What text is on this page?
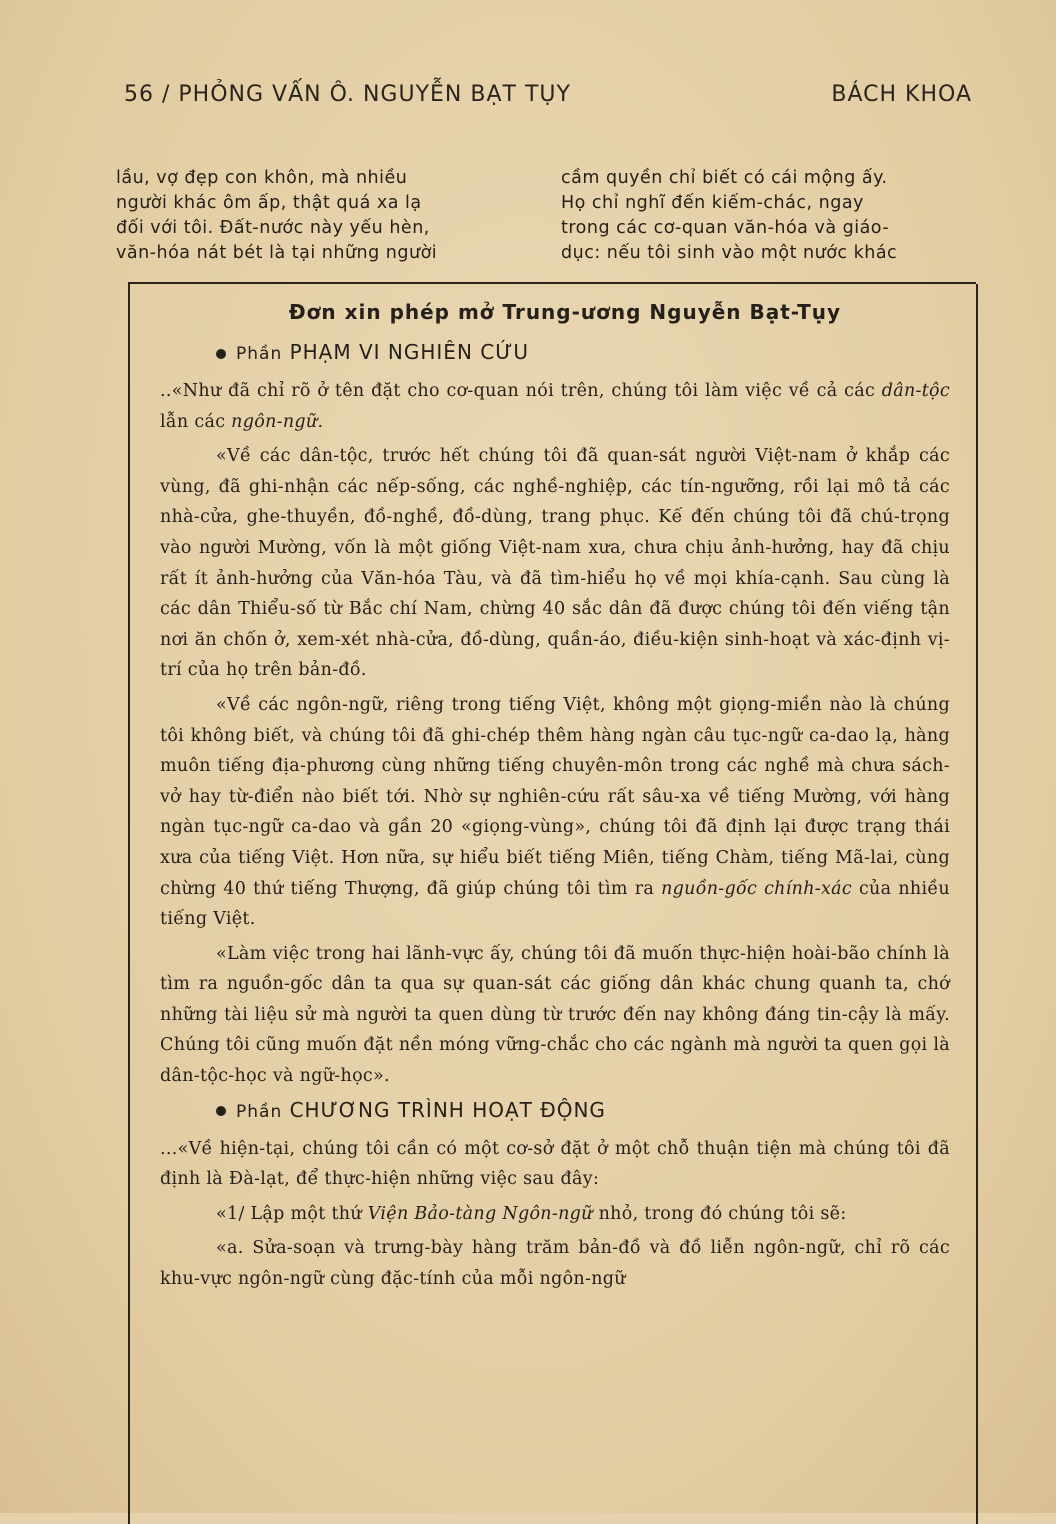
56 / PHỎNG VẤN Ô. NGUYỄN BẠT TỤY	BÁCH KHOA
lầu, vợ đẹp con khôn, mà nhiều
người khác ôm ấp, thật quá xa lạ
đối với tôi. Đất-nước này yếu hèn,
văn-hóa nát bét là tại những người
cầm quyền chỉ biết có cái mộng ấy.
Họ chỉ nghĩ đến kiếm-chác, ngay
trong các cơ-quan văn-hóa và giáo-
dục: nếu tôi sinh vào một nước khác
Đơn xin phép mở Trung-ương Nguyễn Bạt-Tụy
Phần PHẠM VI NGHIÊN CỨU

..«Như đã chỉ rõ ở tên đặt cho cơ-quan nói trên, chúng tôi làm việc về cả các dân-tộc lẫn các ngôn-ngữ.

«Về các dân-tộc, trước hết chúng tôi đã quan-sát người Việt-nam ở khắp các vùng, đã ghi-nhận các nếp-sống, các nghề-nghiệp, các tín-ngưỡng, rồi lại mô tả các nhà-cửa, ghe-thuyền, đồ-nghề, đồ-dùng, trang phục. Kế đến chúng tôi đã chú-trọng vào người Mường, vốn là một giống Việt-nam xưa, chưa chịu ảnh-hưởng, hay đã chịu rất ít ảnh-hưởng của Văn-hóa Tàu, và đã tìm-hiểu họ về mọi khía-cạnh. Sau cùng là các dân Thiểu-số từ Bắc chí Nam, chừng 40 sắc dân đã được chúng tôi đến viếng tận nơi ăn chốn ở, xem-xét nhà-cửa, đồ-dùng, quần-áo, điều-kiện sinh-hoạt và xác-định vị-trí của họ trên bản-đồ.

«Về các ngôn-ngữ, riêng trong tiếng Việt, không một giọng-miền nào là chúng tôi không biết, và chúng tôi đã ghi-chép thêm hàng ngàn câu tục-ngữ ca-dao lạ, hàng muôn tiếng địa-phương cùng những tiếng chuyên-môn trong các nghề mà chưa sách-vở hay từ-điển nào biết tới. Nhờ sự nghiên-cứu rất sâu-xa về tiếng Mường, với hàng ngàn tục-ngữ ca-dao và gần 20 «giọng-vùng», chúng tôi đã định lại được trạng thái xưa của tiếng Việt. Hơn nữa, sự hiểu biết tiếng Miên, tiếng Chàm, tiếng Mã-lai, cùng chừng 40 thứ tiếng Thượng, đã giúp chúng tôi tìm ra nguồn-gốc chính-xác của nhiều tiếng Việt.

«Làm việc trong hai lãnh-vực ấy, chúng tôi đã muốn thực-hiện hoài-bão chính là tìm ra nguồn-gốc dân ta qua sự quan-sát các giống dân khác chung quanh ta, chớ những tài liệu sử mà người ta quen dùng từ trước đến nay không đáng tin-cậy là mấy. Chúng tôi cũng muốn đặt nền móng vững-chắc cho các ngành mà người ta quen gọi là dân-tộc-học và ngữ-học».

Phần CHƯƠNG TRÌNH HOẠT ĐỘNG

...«Về hiện-tại, chúng tôi cần có một cơ-sở đặt ở một chỗ thuận tiện mà chúng tôi đã định là Đà-lạt, để thực-hiện những việc sau đây:

«1/ Lập một thứ Viện Bảo-tàng Ngôn-ngữ nhỏ, trong đó chúng tôi sẽ:

«a. Sửa-soạn và trưng-bày hàng trăm bản-đồ và đồ liễn ngôn-ngữ, chỉ rõ các khu-vực ngôn-ngữ cùng đặc-tính của mỗi ngôn-ngữ
